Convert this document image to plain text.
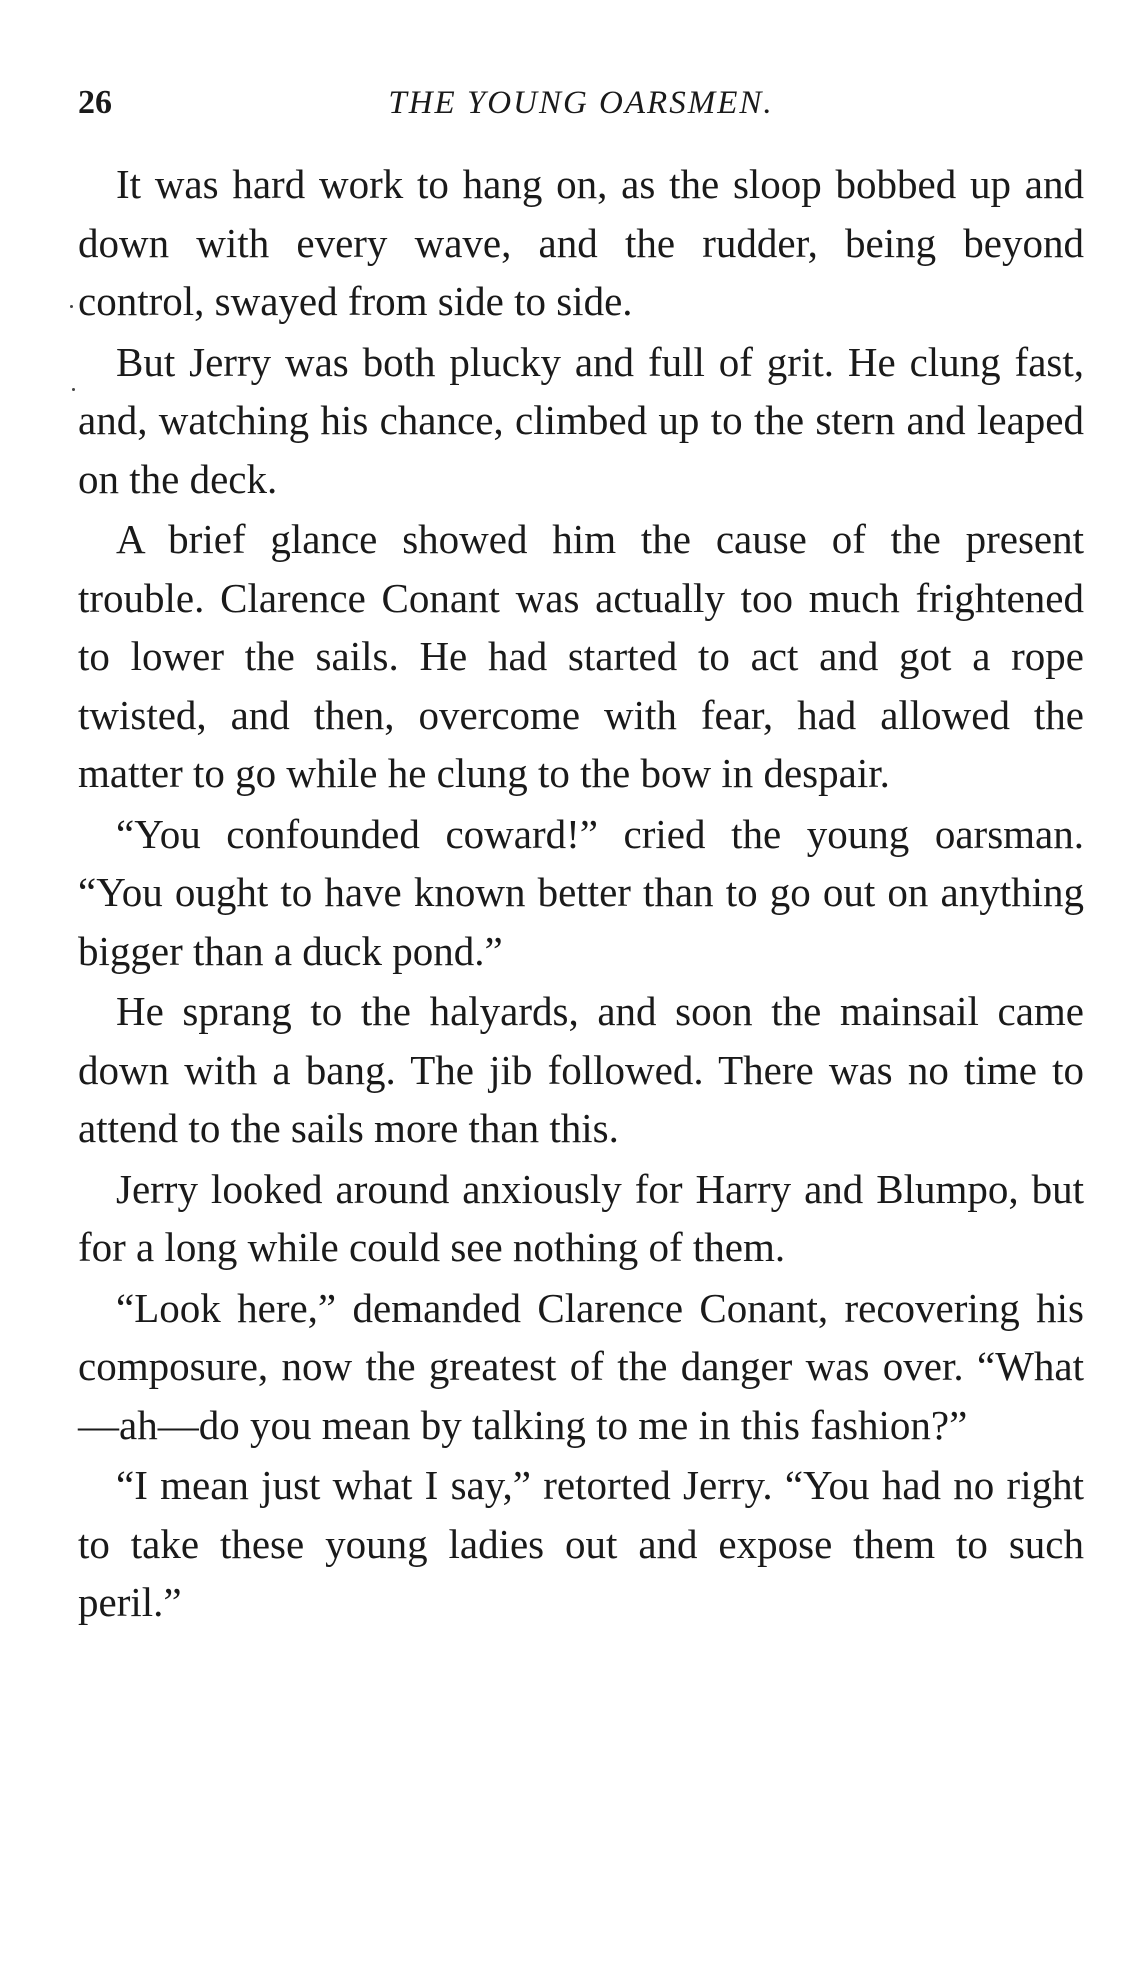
26	THE YOUNG OARSMEN.

It was hard work to hang on, as the sloop bobbed up and down with every wave, and the rudder, being beyond control, swayed from side to side.

But Jerry was both plucky and full of grit. He clung fast, and, watching his chance, climbed up to the stern and leaped on the deck.

A brief glance showed him the cause of the present trouble. Clarence Conant was actually too much frightened to lower the sails. He had started to act and got a rope twisted, and then, overcome with fear, had allowed the matter to go while he clung to the bow in despair.

“You confounded coward!” cried the young oarsman. “You ought to have known better than to go out on anything bigger than a duck pond.”

He sprang to the halyards, and soon the mainsail came down with a bang. The jib followed. There was no time to attend to the sails more than this.

Jerry looked around anxiously for Harry and Blumpo, but for a long while could see nothing of them.

“Look here,” demanded Clarence Conant, recovering his composure, now the greatest of the danger was over. “What—ah—do you mean by talking to me in this fashion?”

“I mean just what I say,” retorted Jerry. “You had no right to take these young ladies out and expose them to such peril.”
